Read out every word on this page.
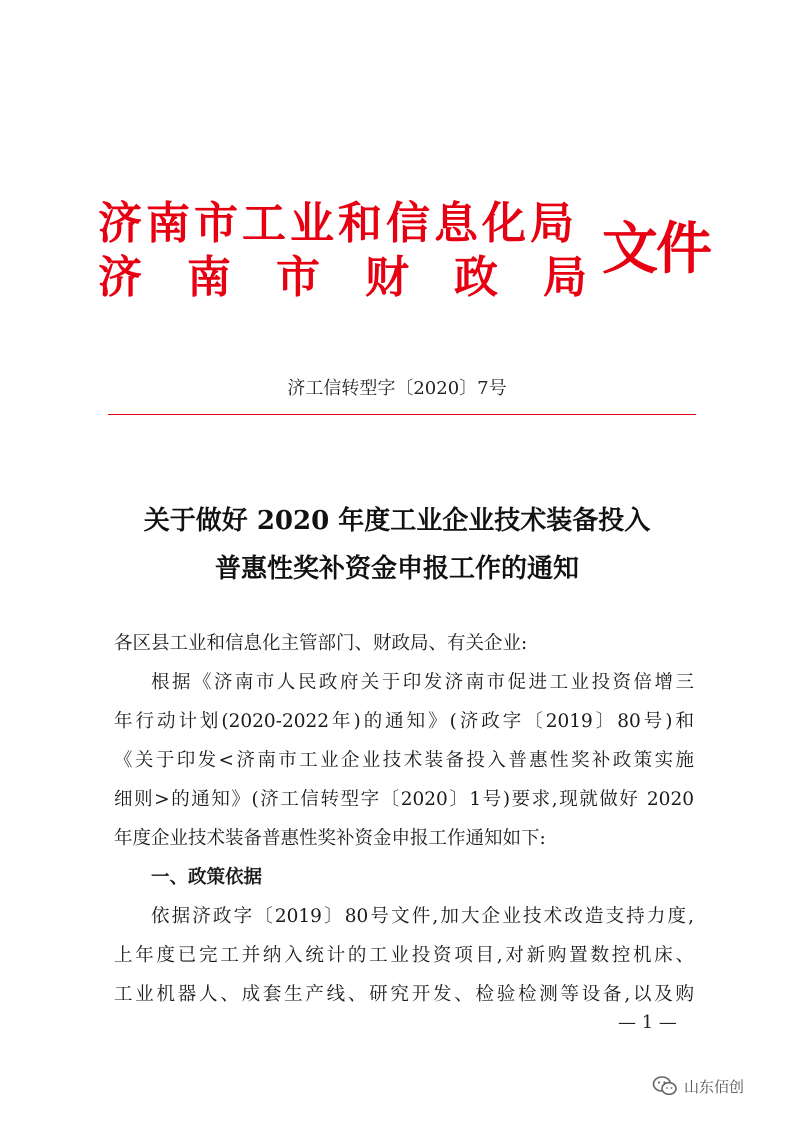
济南市工业和信息化局
济南市财政局
文件
济工信转型字〔2020〕7号
关于做好 2020 年度工业企业技术装备投入
普惠性奖补资金申报工作的通知

各区县工业和信息化主管部门、财政局、有关企业:

根据《济南市人民政府关于印发济南市促进工业投资倍增三

年行动计划(2020-2022年)的通知》(济政字〔2019〕80号)和

《关于印发<济南市工业企业技术装备投入普惠性奖补政策实施

细则>的通知》(济工信转型字〔2020〕1号)要求,现就做好 2020

年度企业技术装备普惠性奖补资金申报工作通知如下:

一、政策依据

依据济政字〔2019〕80号文件,加大企业技术改造支持力度,

上年度已完工并纳入统计的工业投资项目,对新购置数控机床、

工业机器人、成套生产线、研究开发、检验检测等设备,以及购

— 1 —
山东佰创
